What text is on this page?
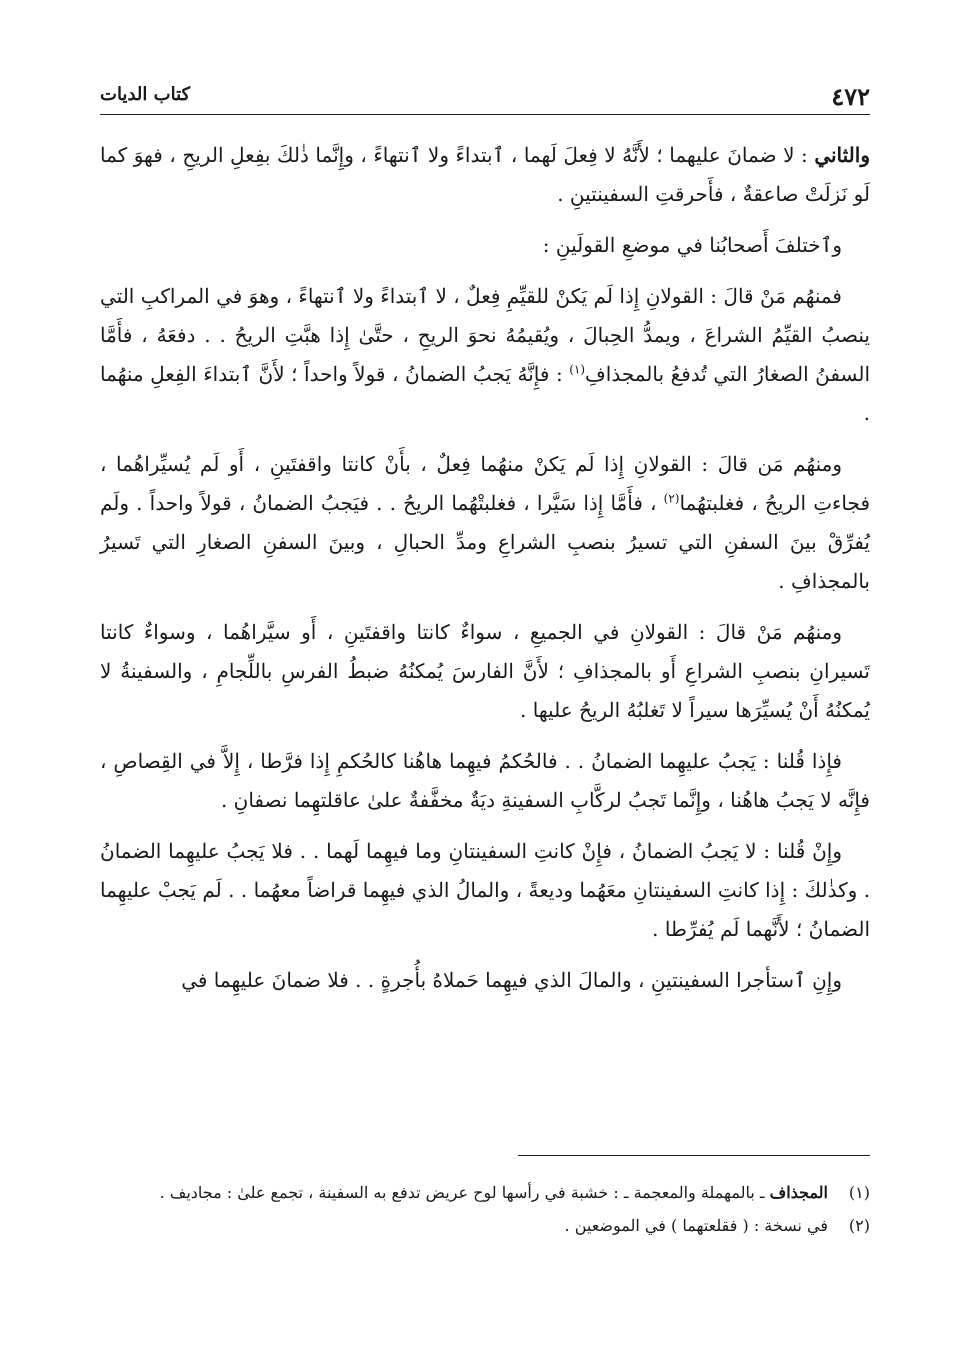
٤٧٢
كتاب الديات

والثاني : لا ضمانَ عليهما ؛ لأَنَّهُ لا فِعلَ لَهما ، ٱبتداءً ولا ٱنتهاءً ، وإِنَّما ذٰلكَ بفِعلِ الريحِ ، فهوَ كما لَو نَزلَتْ صاعقةٌ ، فأَحرقتِ السفينتينِ .

وٱختلفَ أَصحابُنا في موضعِ القولَينِ :

فمنهُم مَنْ قالَ : القولانِ إِذا لَم يَكنْ للقيِّمِ فِعلٌ ، لا ٱبتداءً ولا ٱنتهاءً ، وهوَ في المراكبِ التي ينصبُ القيِّمُ الشراعَ ، ويمدُّ الحِبالَ ، ويُقيمُهُ نحوَ الريحِ ، حتَّىٰ إِذا هبَّتِ الريحُ . . دفعَهُ ، فأَمَّا السفنُ الصغارُ التي تُدفعُ بالمجذافِ$^{(١)}$ : فإِنَّهُ يَجبُ الضمانُ ، قولاً واحداً ؛ لأَنَّ ٱبتداءَ الفِعلِ منهُما .

ومنهُم مَن قالَ : القولانِ إِذا لَم يَكنْ منهُما فِعلٌ ، بأَنْ كانتا واقفتَينِ ، أَو لَم يُسيِّراهُما ، فجاءتِ الريحُ ، فغلبتهُما$^{(٢)}$ ، فأَمَّا إِذا سَيَّرا ، فغلبتْهُما الريحُ . . فيَجبُ الضمانُ ، قولاً واحداً . ولَم يُفرِّقْ بينَ السفنِ التي تسيرُ بنصبِ الشراعِ ومدِّ الحبالِ ، وبينَ السفنِ الصغارِ التي تَسيرُ بالمجذافِ .

ومنهُم مَنْ قالَ : القولانِ في الجميعِ ، سواءٌ كانتا واقفتَينِ ، أَو سيَّراهُما ، وسواءٌ كانتا تَسيرانِ بنصبِ الشراعِ أَو بالمجذافِ ؛ لأَنَّ الفارسَ يُمكنُهُ ضبطُ الفرسِ باللِّجامِ ، والسفينةُ لا يُمكنُهُ أَنْ يُسيِّرَها سيراً لا تَغلبُهُ الريحُ عليها .

فإِذا قُلنا : يَجبُ عليهِما الضمانُ . . فالحُكمُ فيهِما هاهُنا كالحُكمِ إِذا فرَّطا ، إِلاَّ في القِصاصِ ، فإِنَّه لا يَجبُ هاهُنا ، وإِنَّما تَجبُ لركَّابِ السفينةِ ديَةٌ مخفَّفةٌ علىٰ عاقلتهِما نصفانِ .

وإِنْ قُلنا : لا يَجبُ الضمانُ ، فإِنْ كانتِ السفينتانِ وما فيهِما لَهما . . فلا يَجبُ عليهِما الضمانُ . وكذٰلكَ : إِذا كانتِ السفينتانِ معَهُما وديعةً ، والمالُ الذي فيهِما قراضاً معهُما . . لَم يَجبْ عليهِما الضمانُ ؛ لأَنَّهما لَم يُفرِّطا .

وإِنِ ٱستأجرا السفينتينِ ، والمالَ الذي فيهِما حَملاهُ بأُجرةٍ . . فلا ضمانَ عليهِما في

(١)
المجذاف ـ بالمهملة والمعجمة ـ : خشبة في رأسها لوح عريض تدفع به السفينة ، تجمع علىٰ : مجاديف .
(٢)
في نسخة : ( فقلعتهما ) في الموضعين .
